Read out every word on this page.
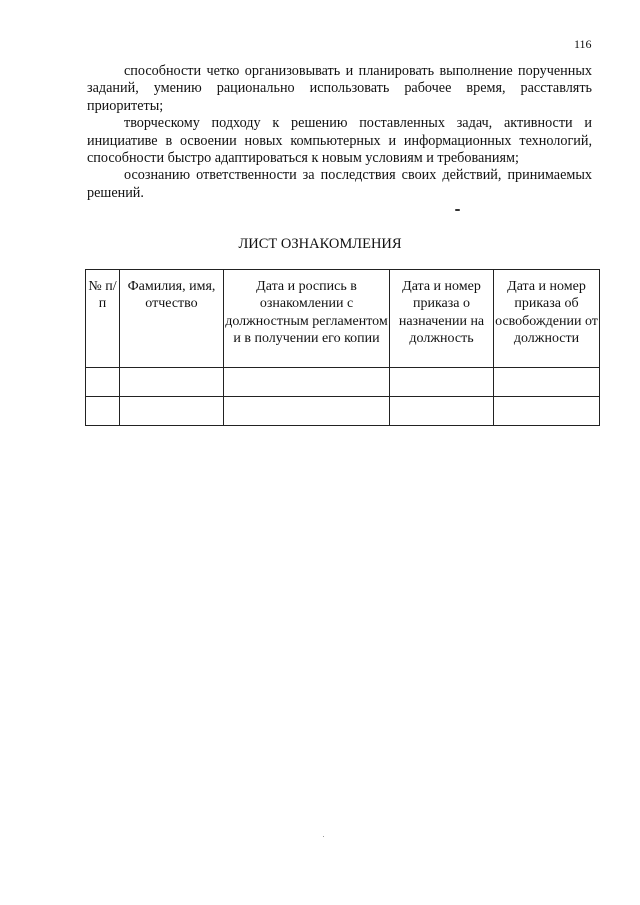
116

способности четко организовывать и планировать выполнение порученных заданий, умению рационально использовать рабочее время, расставлять приоритеты;

творческому подходу к решению поставленных задач, активности и инициативе в освоении новых компьютерных и информационных технологий, способности быстро адаптироваться к новым условиям и требованиям;

осознанию ответственности за последствия своих действий, принимаемых решений.

ЛИСТ ОЗНАКОМЛЕНИЯ
№ п/п	Фамилия, имя, отчество	Дата и роспись в ознакомлении с должностным регламентом и в получении его копии	Дата и номер приказа о назначении на должность	Дата и номер приказа об освобождении от должности
